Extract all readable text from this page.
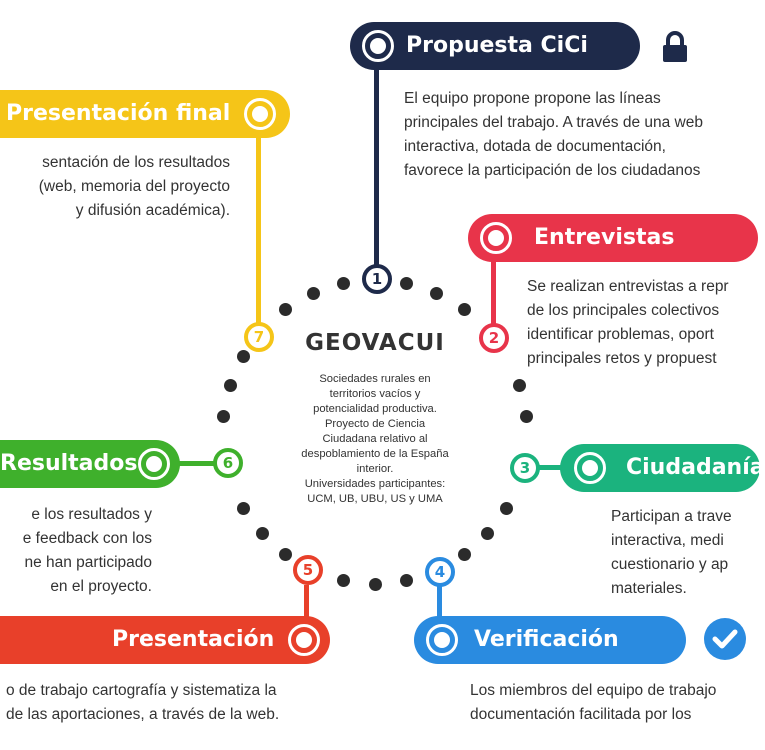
GEOVACUI
Sociedades rurales en
territorios vacíos y
potencialidad productiva.
Proyecto de Ciencia
Ciudadana relativo al
despoblamiento de la España
interior.
Universidades participantes:
UCM, UB, UBU, US y UMA
Propuesta CiCi
1
El equipo propone propone las líneas
principales del trabajo. A través de una web
interactiva, dotada de documentación,
favorece la participación de los ciudadanos
Entrevistas
2
Se realizan entrevistas a repr
de los principales colectivos
identificar problemas, oport
principales retos y propuest
Ciudadanía
3
Participan a trave
interactiva, medi
cuestionario y ap
materiales.
Verificación
4
Los miembros del equipo de trabajo
documentación facilitada por los
Presentación
5
o de trabajo cartografía y sistematiza la
de las aportaciones, a través de la web.
Resultados	6
e los resultados y
e feedback con los
ne han participado
en el proyecto.
Presentación final
7
sentación de los resultados
(web, memoria del proyecto
y difusión académica).
